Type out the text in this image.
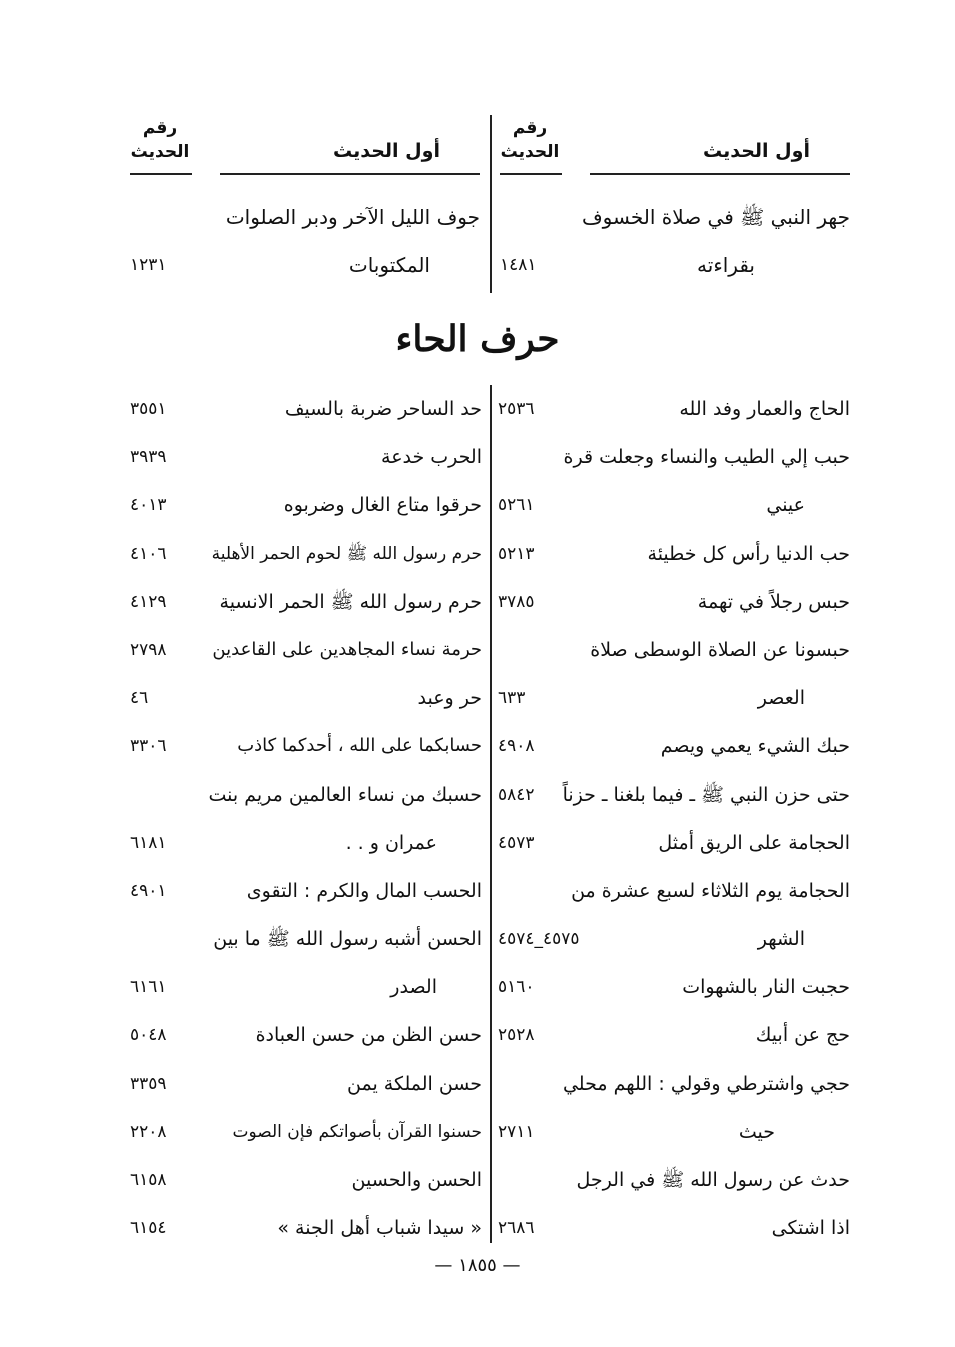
أول الحديث
رقم الحديث
جهر النبي ﷺ في صلاة الخسوف
بقراءته
١٤٨١
أول الحديث
رقم الحديث
جوف الليل الآخر ودبر الصلوات
المكتوبات
١٢٣١
حرف الحاء
الحاج والعمار وفد الله
٢٥٣٦
حبب إلي الطيب والنساء وجعلت قرة
عيني
٥٢٦١
حب الدنيا رأس كل خطيئة
٥٢١٣
حبس رجلاً في تهمة
٣٧٨٥
حبسونا عن الصلاة الوسطى صلاة
العصر
٦٣٣
حبك الشيء يعمي ويصم
٤٩٠٨
حتى حزن النبي ﷺ ـ فيما بلغنا ـ حزناً
٥٨٤٢
الحجامة على الريق أمثل
٤٥٧٣
الحجامة يوم الثلاثاء لسبع عشرة من
الشهر
٤٥٧٥_٤٥٧٤
حجبت النار بالشهوات
٥١٦٠
حج عن أبيك
٢٥٢٨
حجي واشترطي وقولي : اللهم محلي
حيث
٢٧١١
حدث عن رسول الله ﷺ في الرجل
اذا اشتكى
٢٦٨٦
حد الساحر ضربة بالسيف
٣٥٥١
الحرب خدعة
٣٩٣٩
حرقوا متاع الغال وضربوه
٤٠١٣
حرم رسول الله ﷺ لحوم الحمر الأهلية
٤١٠٦
حرم رسول الله ﷺ الحمر الانسية
٤١٢٩
حرمة نساء المجاهدين على القاعدين
٢٧٩٨
حر وعبد
٤٦
حسابكما على الله ، أحدكما كاذب
٣٣٠٦
حسبك من نساء العالمين مريم بنت
عمران و . .
٦١٨١
الحسب المال والكرم : التقوى
٤٩٠١
الحسن أشبه رسول الله ﷺ ما بين
الصدر
٦١٦١
حسن الظن من حسن العبادة
٥٠٤٨
حسن الملكة يمن
٣٣٥٩
حسنوا القرآن بأصواتكم فإن الصوت
٢٢٠٨
الحسن والحسين
٦١٥٨
« سيدا شباب أهل الجنة »
٦١٥٤
— ١٨٥٥ —
